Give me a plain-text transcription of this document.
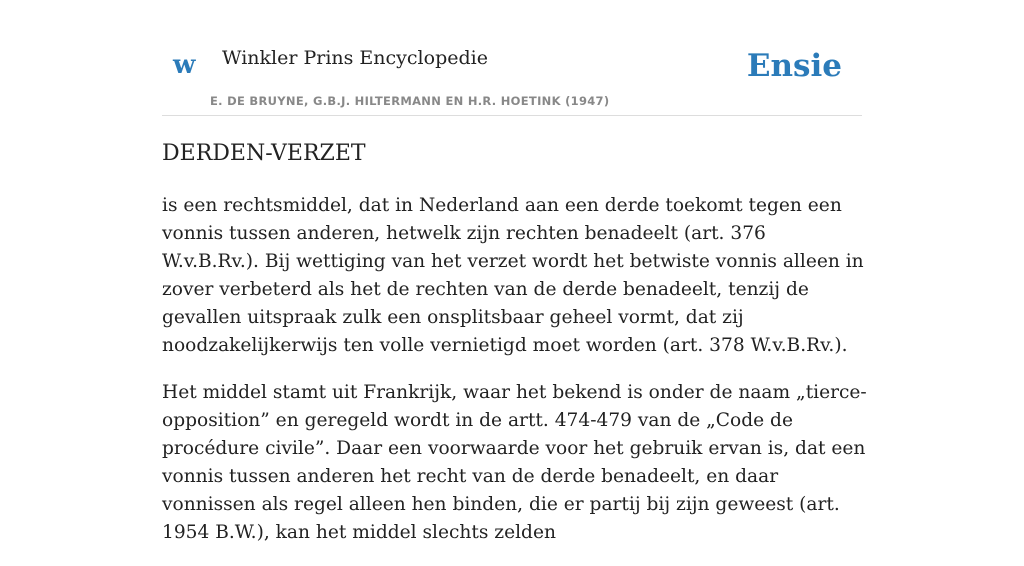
w Winkler Prins Encyclopedie	Ensie
E. DE BRUYNE, G.B.J. HILTERMANN EN H.R. HOETINK (1947)
DERDEN-VERZET

is een rechtsmiddel, dat in Nederland aan een derde toekomt tegen een vonnis tussen anderen, hetwelk zijn rechten benadeelt (art. 376 W.v.B.Rv.). Bij wettiging van het verzet wordt het betwiste vonnis alleen in zover verbeterd als het de rechten van de derde benadeelt, tenzij de gevallen uitspraak zulk een onsplitsbaar geheel vormt, dat zij noodzakelijkerwijs ten volle vernietigd moet worden (art. 378 W.v.B.Rv.).

Het middel stamt uit Frankrijk, waar het bekend is onder de naam „tierce-opposition” en geregeld wordt in de artt. 474-479 van de „Code de procédure civile”. Daar een voorwaarde voor het gebruik ervan is, dat een vonnis tussen anderen het recht van de derde benadeelt, en daar vonnissen als regel alleen hen binden, die er partij bij zijn geweest (art. 1954 B.W.), kan het middel slechts zelden
